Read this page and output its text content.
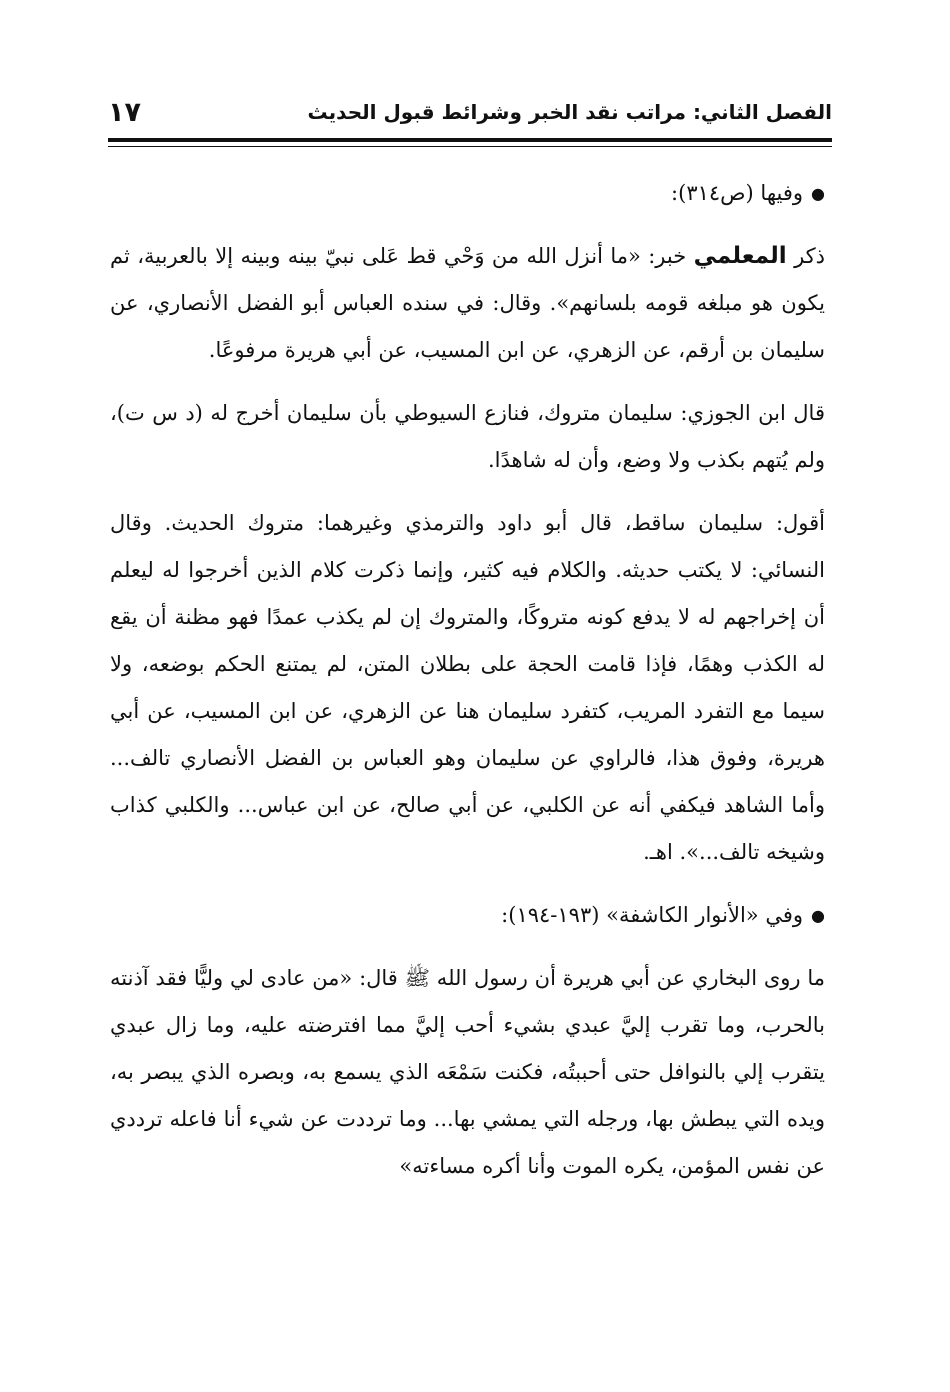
الفصل الثاني: مراتب نقد الخبر وشرائط قبول الحديث
١٧
●
وفيها (ص٣١٤):

ذكر المعلمي خبر: «ما أنزل الله من وَحْي قط عَلى نبيّ بينه وبينه إلا بالعربية، ثم يكون هو مبلغه قومه بلسانهم». وقال: في سنده العباس أبو الفضل الأنصاري، عن سليمان بن أرقم، عن الزهري، عن ابن المسيب، عن أبي هريرة مرفوعًا.

قال ابن الجوزي: سليمان متروك، فنازع السيوطي بأن سليمان أخرج له (د س ت)، ولم يُتهم بكذب ولا وضع، وأن له شاهدًا.

أقول: سليمان ساقط، قال أبو داود والترمذي وغيرهما: متروك الحديث. وقال النسائي: لا يكتب حديثه. والكلام فيه كثير، وإنما ذكرت كلام الذين أخرجوا له ليعلم أن إخراجهم له لا يدفع كونه متروكًا، والمتروك إن لم يكذب عمدًا فهو مظنة أن يقع له الكذب وهمًا، فإذا قامت الحجة على بطلان المتن، لم يمتنع الحكم بوضعه، ولا سيما مع التفرد المريب، كتفرد سليمان هنا عن الزهري، عن ابن المسيب، عن أبي هريرة، وفوق هذا، فالراوي عن سليمان وهو العباس بن الفضل الأنصاري تالف... وأما الشاهد فيكفي أنه عن الكلبي، عن أبي صالح، عن ابن عباس... والكلبي كذاب وشيخه تالف...». اهـ.

●
وفي «الأنوار الكاشفة» (١٩٣-١٩٤):

ما روى البخاري عن أبي هريرة أن رسول الله ﷺ قال: «من عادى لي وليًّا فقد آذنته بالحرب، وما تقرب إليَّ عبدي بشيء أحب إليَّ مما افترضته عليه، وما زال عبدي يتقرب إلي بالنوافل حتى أحببتُه، فكنت سَمْعَه الذي يسمع به، وبصره الذي يبصر به، ويده التي يبطش بها، ورجله التي يمشي بها... وما ترددت عن شيء أنا فاعله ترددي عن نفس المؤمن، يكره الموت وأنا أكره مساءته»
